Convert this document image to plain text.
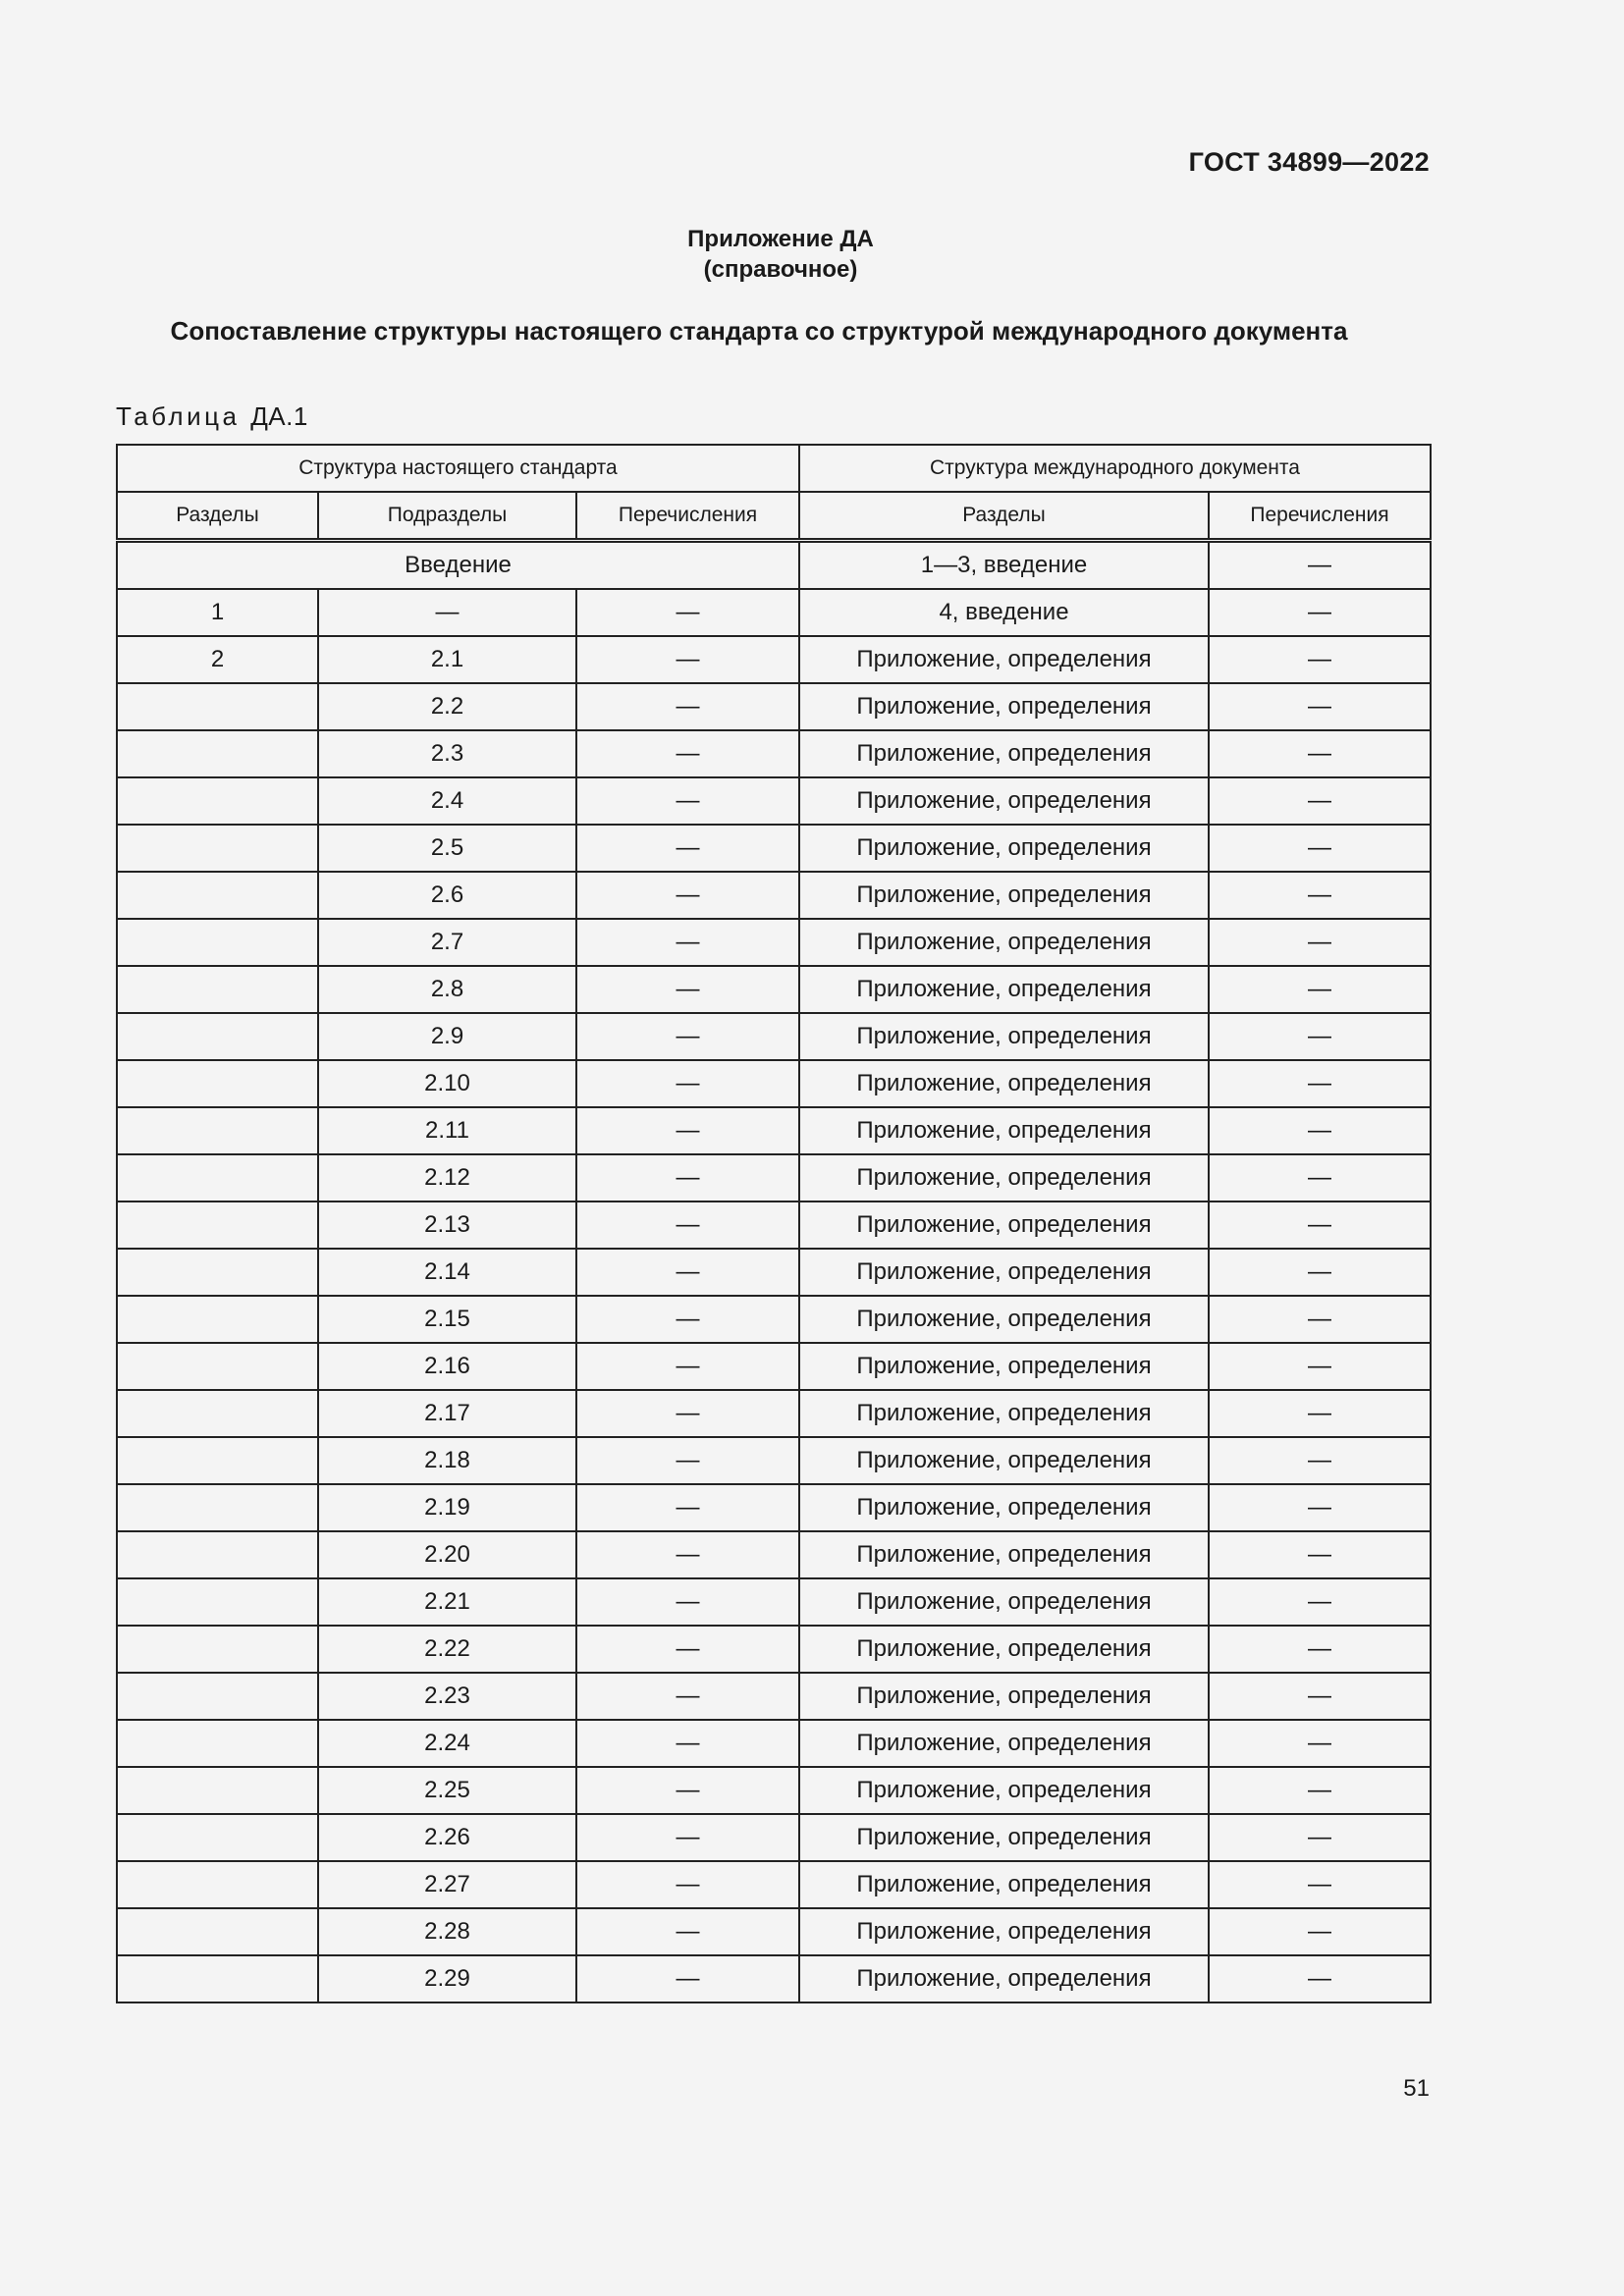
ГОСТ 34899—2022
Приложение ДА
(справочное)
Сопоставление структуры настоящего стандарта со структурой международного документа
Таблица ДА.1
Структура настоящего стандарта			Структура международного документа	
Разделы	Подразделы	Перечисления	Разделы	Перечисления
Введение			1—3, введение	—
1	—	—	4, введение	—
2	2.1	—	Приложение, определения	—
	2.2	—	Приложение, определения	—
	2.3	—	Приложение, определения	—
	2.4	—	Приложение, определения	—
	2.5	—	Приложение, определения	—
	2.6	—	Приложение, определения	—
	2.7	—	Приложение, определения	—
	2.8	—	Приложение, определения	—
	2.9	—	Приложение, определения	—
	2.10	—	Приложение, определения	—
	2.11	—	Приложение, определения	—
	2.12	—	Приложение, определения	—
	2.13	—	Приложение, определения	—
	2.14	—	Приложение, определения	—
	2.15	—	Приложение, определения	—
	2.16	—	Приложение, определения	—
	2.17	—	Приложение, определения	—
	2.18	—	Приложение, определения	—
	2.19	—	Приложение, определения	—
	2.20	—	Приложение, определения	—
	2.21	—	Приложение, определения	—
	2.22	—	Приложение, определения	—
	2.23	—	Приложение, определения	—
	2.24	—	Приложение, определения	—
	2.25	—	Приложение, определения	—
	2.26	—	Приложение, определения	—
	2.27	—	Приложение, определения	—
	2.28	—	Приложение, определения	—
	2.29	—	Приложение, определения	—
51
